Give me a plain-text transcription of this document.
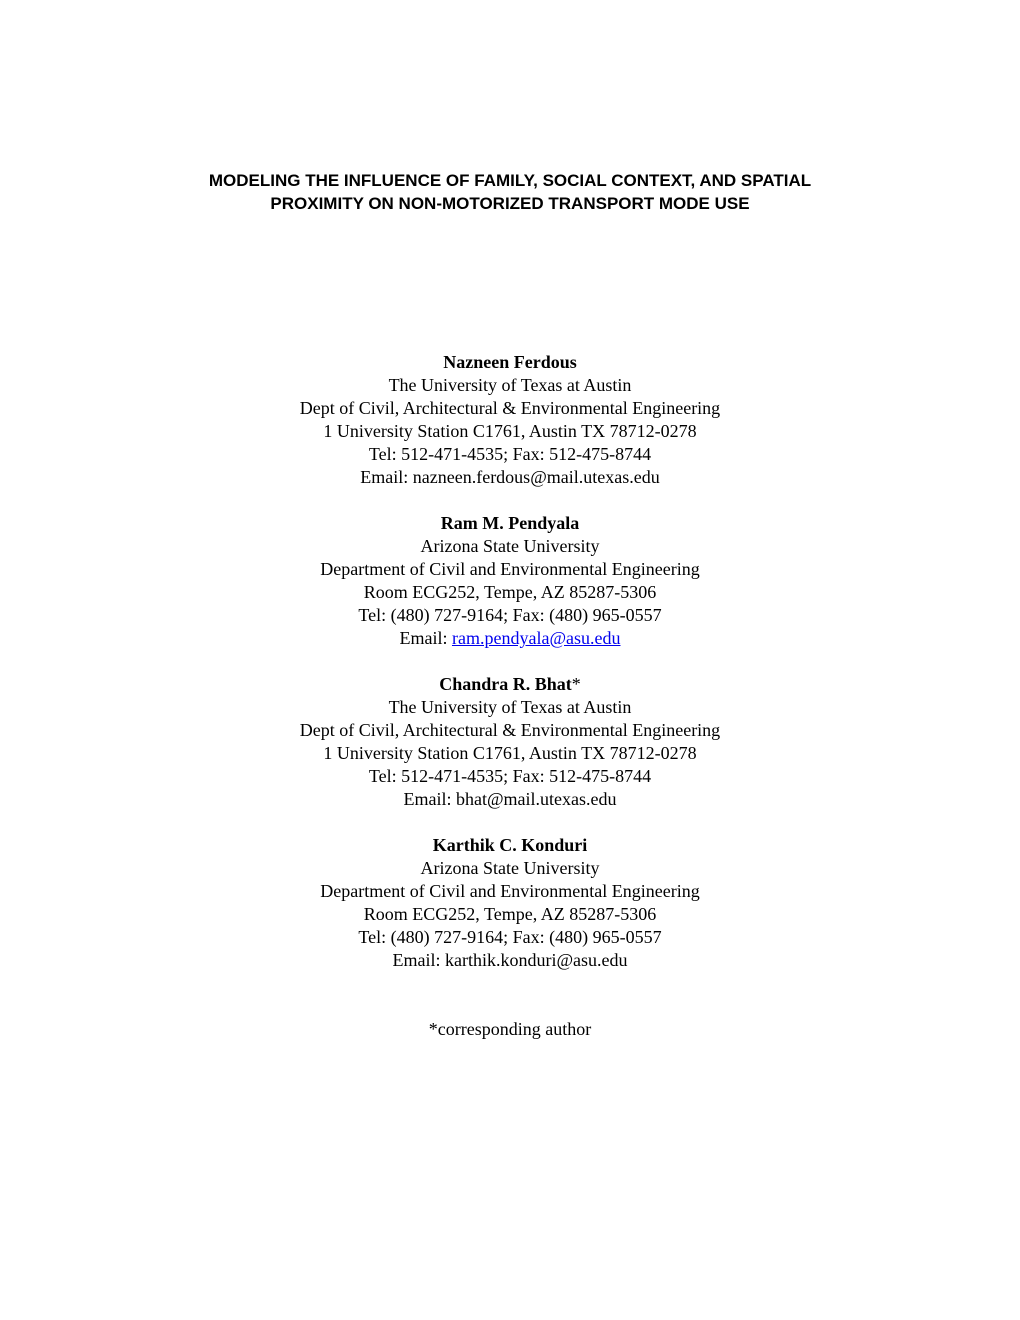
MODELING THE INFLUENCE OF FAMILY, SOCIAL CONTEXT, AND SPATIAL
PROXIMITY ON NON-MOTORIZED TRANSPORT MODE USE
Nazneen Ferdous
The University of Texas at Austin
Dept of Civil, Architectural & Environmental Engineering
1 University Station C1761, Austin TX 78712-0278
Tel: 512-471-4535; Fax: 512-475-8744
Email: nazneen.ferdous@mail.utexas.edu
Ram M. Pendyala
Arizona State University
Department of Civil and Environmental Engineering
Room ECG252, Tempe, AZ 85287-5306
Tel: (480) 727-9164; Fax: (480) 965-0557
Email: ram.pendyala@asu.edu
Chandra R. Bhat*
The University of Texas at Austin
Dept of Civil, Architectural & Environmental Engineering
1 University Station C1761, Austin TX 78712-0278
Tel: 512-471-4535; Fax: 512-475-8744
Email: bhat@mail.utexas.edu
Karthik C. Konduri
Arizona State University
Department of Civil and Environmental Engineering
Room ECG252, Tempe, AZ 85287-5306
Tel: (480) 727-9164; Fax: (480) 965-0557
Email: karthik.konduri@asu.edu
*corresponding author
